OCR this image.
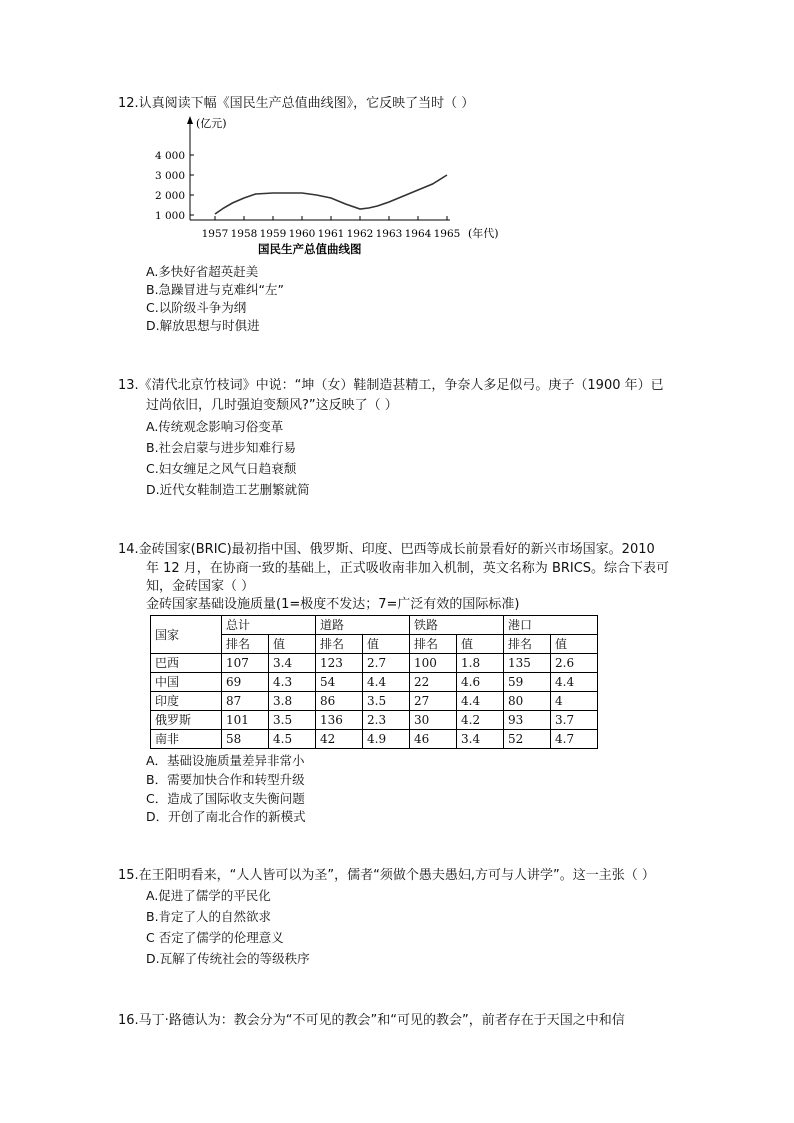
12.认真阅读下幅《国民生产总值曲线图》，它反映了当时（ ）
(亿元)
4 000
3 000
2 000
1 000
1957 1958 1959 1960 1961 1962 1963 1964 1965 (年代)
国民生产总值曲线图
A.多快好省超英赶美
B.急躁冒进与克难纠“左”
C.以阶级斗争为纲
D.解放思想与时俱进
13.《清代北京竹枝词》中说：“坤（女）鞋制造甚精工，争奈人多足似弓。庚子（1900 年）已
过尚依旧，几时强迫变颓风?”这反映了（ ）
A.传统观念影响习俗变革
B.社会启蒙与进步知难行易
C.妇女缠足之风气日趋衰颓
D.近代女鞋制造工艺删繁就简
14.金砖国家(BRIC)最初指中国、俄罗斯、印度、巴西等成长前景看好的新兴市场国家。2010
年 12 月，在协商一致的基础上，正式吸收南非加入机制，英文名称为 BRICS。综合下表可
知，金砖国家（ ）
金砖国家基础设施质量(1=极度不发达；7=广泛有效的国际标准)
国家	总计		道路		铁路		港口		
	排名	值	排名	值	排名	值	排名	值	
巴西	107	3.4	123	2.7	100	1.8	135	2.6	
中国	69	4.3	54	4.4	22	4.6	59	4.4	
印度	87	3.8	86	3.5	27	4.4	80	4	
俄罗斯	101	3.5	136	2.3	30	4.2	93	3.7	
南非	58	4.5	42	4.9	46	3.4	52	4.7	
A．基础设施质量差异非常小
B．需要加快合作和转型升级
C．造成了国际收支失衡问题
D．开创了南北合作的新模式
15.在王阳明看来，“人人皆可以为圣”，儒者“须做个愚夫愚妇,方可与人讲学”。这一主张（ ）
A.促进了儒学的平民化
B.肯定了人的自然欲求
C 否定了儒学的伦理意义
D.瓦解了传统社会的等级秩序
16.马丁·路德认为：教会分为“不可见的教会”和“可见的教会”，前者存在于天国之中和信
